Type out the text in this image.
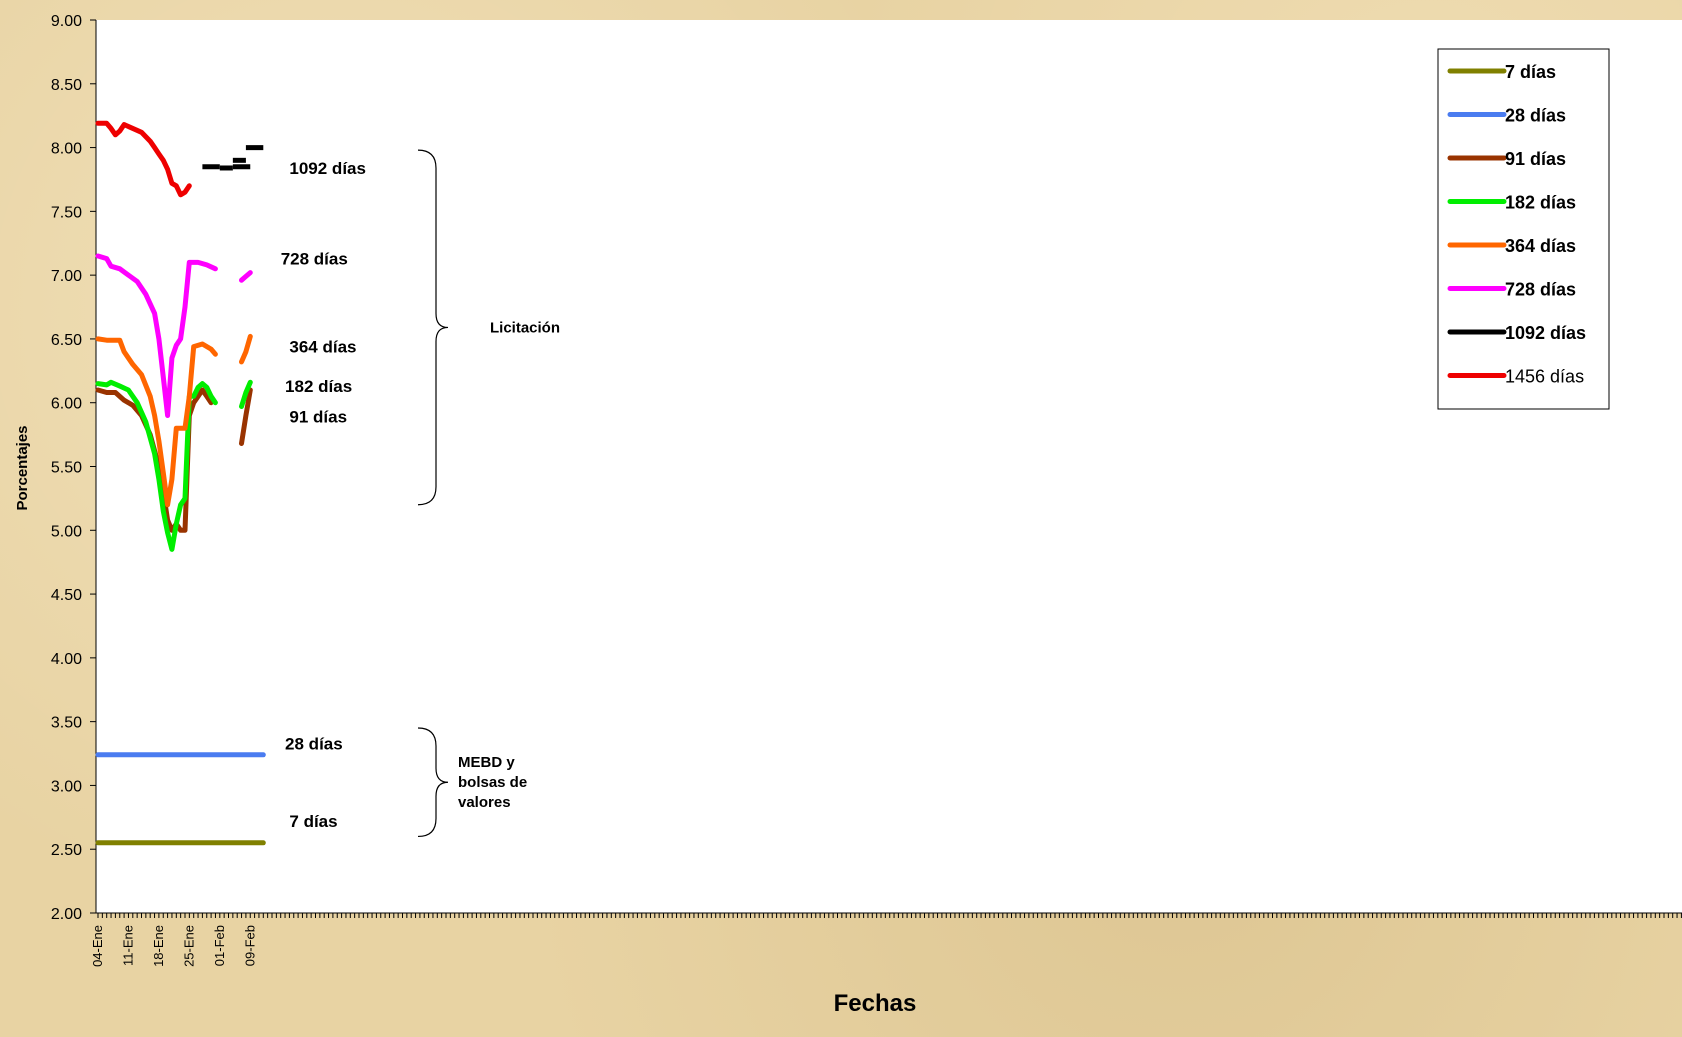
2.00
2.50
3.00
3.50
4.00
4.50
5.00
5.50
6.00
6.50
7.00
7.50
8.00
8.50
9.00
04-Ene 11-Ene 18-Ene 25-Ene 01-Feb 09-Feb
1092 días
728 días
364 días
182 días
91 días
28 días
7 días
Licitación
MEBD y
bolsas de
valores
7 días
28 días
91 días
182 días
364 días
728 días
1092 días
1456 días
Fechas
Porcentajes
